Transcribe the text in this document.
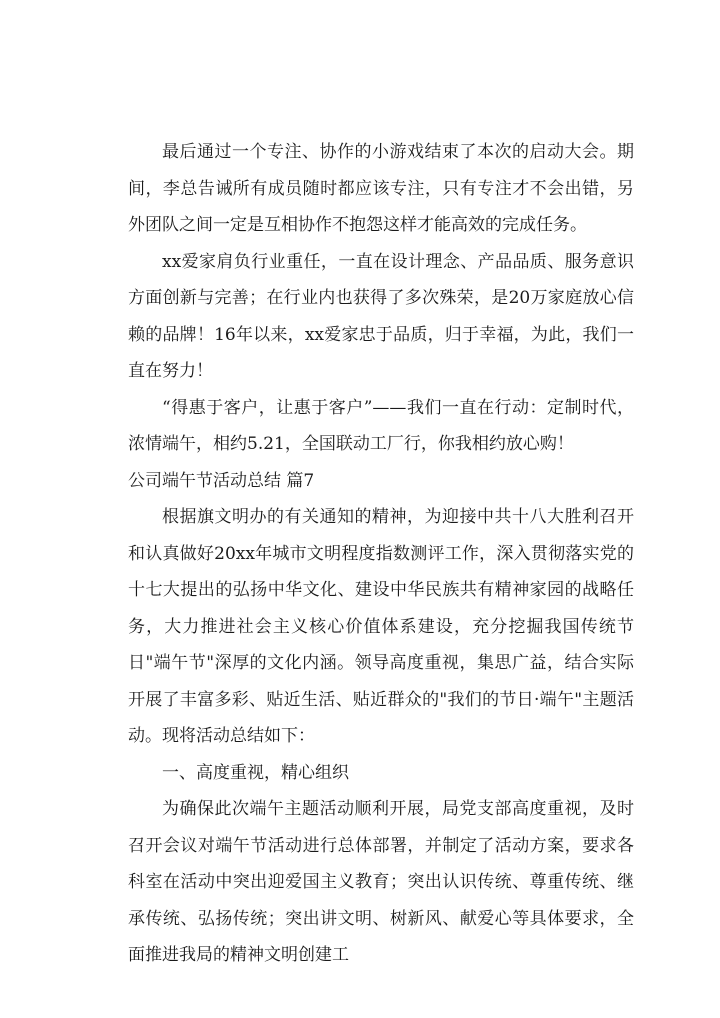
最后通过一个专注、协作的小游戏结束了本次的启动大会。期间，李总告诫所有成员随时都应该专注，只有专注才不会出错，另外团队之间一定是互相协作不抱怨这样才能高效的完成任务。

xx爱家肩负行业重任，一直在设计理念、产品品质、服务意识方面创新与完善；在行业内也获得了多次殊荣，是20万家庭放心信赖的品牌！16年以来，xx爱家忠于品质，归于幸福，为此，我们一直在努力！

“得惠于客户，让惠于客户”——我们一直在行动：定制时代，浓情端午，相约5.21，全国联动工厂行，你我相约放心购！

公司端午节活动总结 篇7

根据旗文明办的有关通知的精神，为迎接中共十八大胜利召开和认真做好20xx年城市文明程度指数测评工作，深入贯彻落实党的十七大提出的弘扬中华文化、建设中华民族共有精神家园的战略任务，大力推进社会主义核心价值体系建设，充分挖掘我国传统节日"端午节"深厚的文化内涵。领导高度重视，集思广益，结合实际开展了丰富多彩、贴近生活、贴近群众的"我们的节日·端午"主题活动。现将活动总结如下：

一、高度重视，精心组织

为确保此次端午主题活动顺利开展，局党支部高度重视，及时召开会议对端午节活动进行总体部署，并制定了活动方案，要求各科室在活动中突出迎爱国主义教育；突出认识传统、尊重传统、继承传统、弘扬传统；突出讲文明、树新风、献爱心等具体要求，全面推进我局的精神文明创建工
